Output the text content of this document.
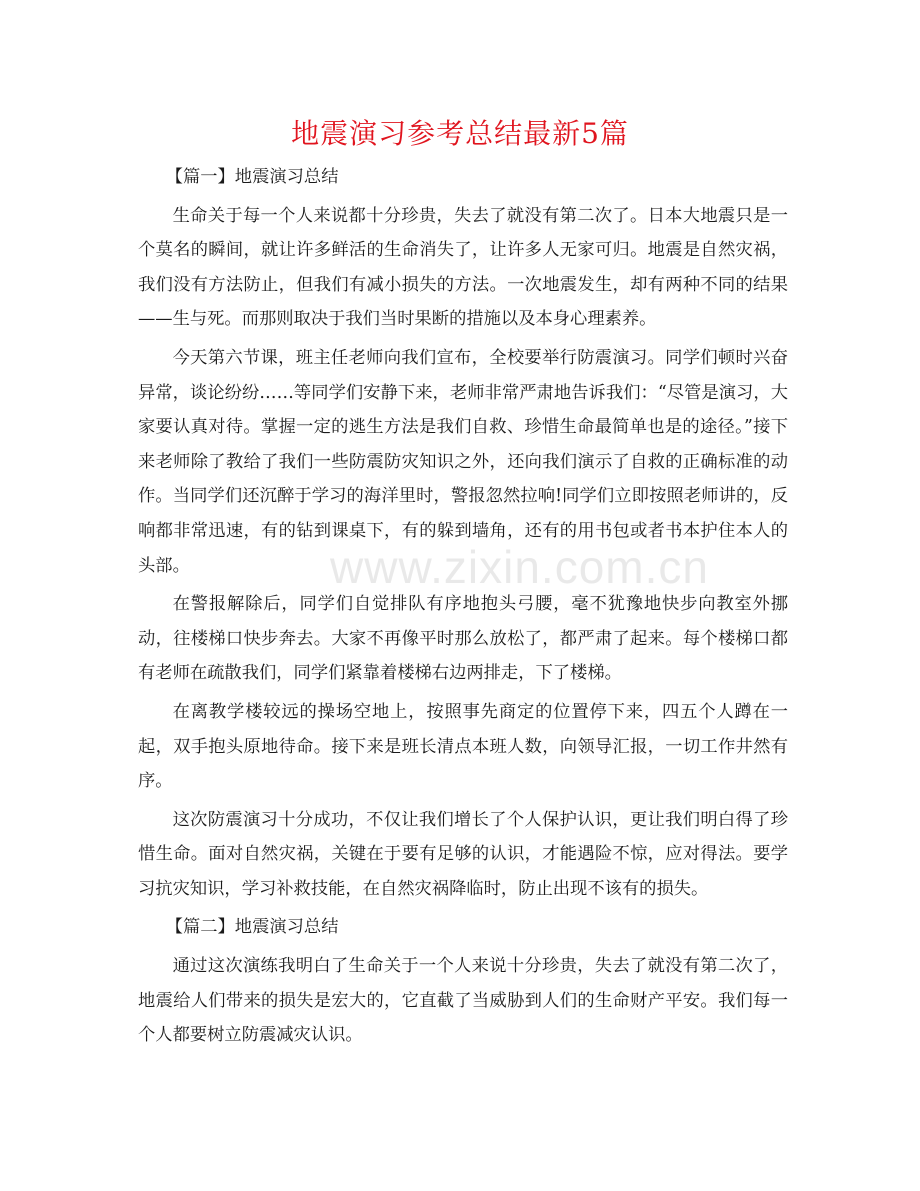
地震演习参考总结最新5篇
www.zixin.com.cn

【篇一】地震演习总结

生命关于每一个人来说都十分珍贵，失去了就没有第二次了。日本大地震只是一个莫名的瞬间，就让许多鲜活的生命消失了，让许多人无家可归。地震是自然灾祸，我们没有方法防止，但我们有减小损失的方法。一次地震发生，却有两种不同的结果——生与死。而那则取决于我们当时果断的措施以及本身心理素养。

今天第六节课，班主任老师向我们宣布，全校要举行防震演习。同学们顿时兴奋异常，谈论纷纷……等同学们安静下来，老师非常严肃地告诉我们：“尽管是演习，大家要认真对待。掌握一定的逃生方法是我们自救、珍惜生命最简单也是的途径。”接下来老师除了教给了我们一些防震防灾知识之外，还向我们演示了自救的正确标准的动作。当同学们还沉醉于学习的海洋里时，警报忽然拉响!同学们立即按照老师讲的，反响都非常迅速，有的钻到课桌下，有的躲到墙角，还有的用书包或者书本护住本人的头部。

在警报解除后，同学们自觉排队有序地抱头弓腰，毫不犹豫地快步向教室外挪动，往楼梯口快步奔去。大家不再像平时那么放松了，都严肃了起来。每个楼梯口都有老师在疏散我们，同学们紧靠着楼梯右边两排走，下了楼梯。

在离教学楼较远的操场空地上，按照事先商定的位置停下来，四五个人蹲在一起，双手抱头原地待命。接下来是班长清点本班人数，向领导汇报，一切工作井然有序。

这次防震演习十分成功，不仅让我们增长了个人保护认识，更让我们明白得了珍惜生命。面对自然灾祸，关键在于要有足够的认识，才能遇险不惊，应对得法。要学习抗灾知识，学习补救技能，在自然灾祸降临时，防止出现不该有的损失。

【篇二】地震演习总结

通过这次演练我明白了生命关于一个人来说十分珍贵，失去了就没有第二次了，地震给人们带来的损失是宏大的，它直截了当威胁到人们的生命财产平安。我们每一个人都要树立防震减灾认识。
